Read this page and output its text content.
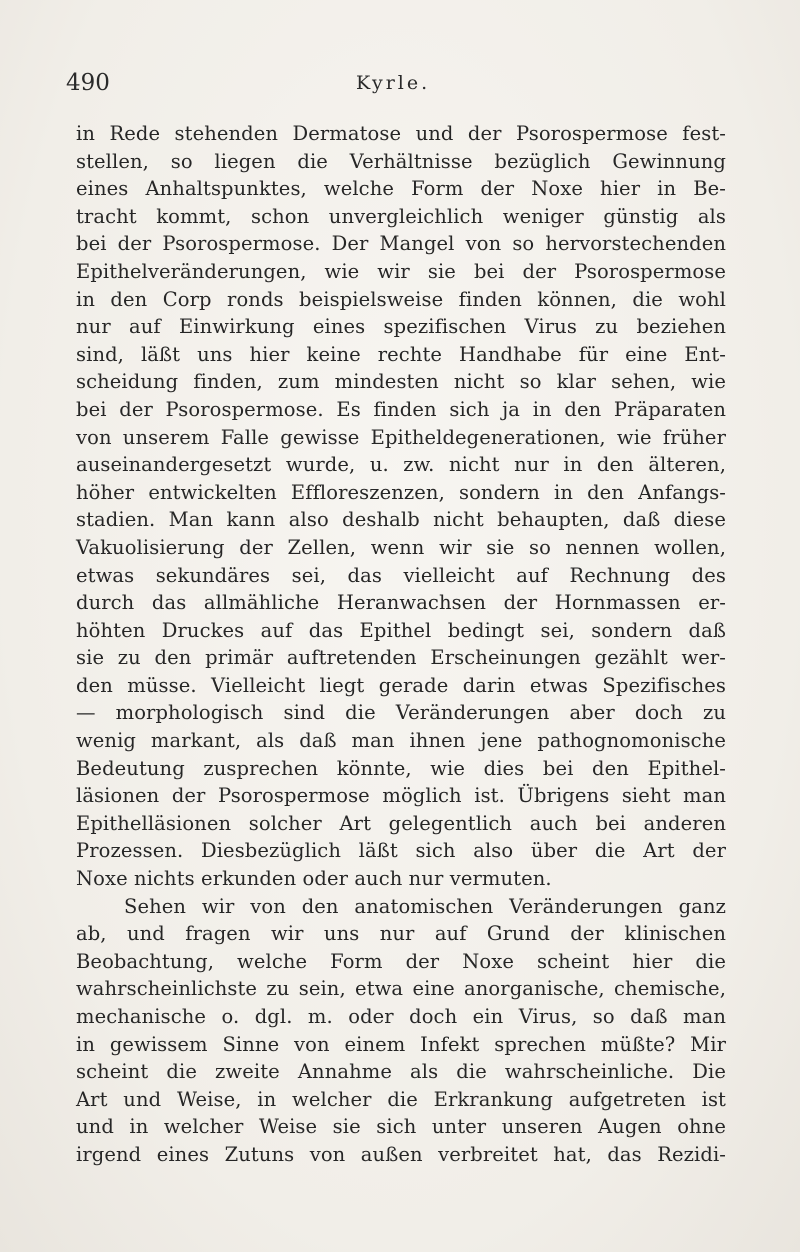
490	Kyrle.
in Rede stehenden Dermatose und der Psorospermose fest-
stellen, so liegen die Verhältnisse bezüglich Gewinnung
eines Anhaltspunktes, welche Form der Noxe hier in Be-
tracht kommt, schon unvergleichlich weniger günstig als
bei der Psorospermose. Der Mangel von so hervorstechenden
Epithelveränderungen, wie wir sie bei der Psorospermose
in den Corp ronds beispielsweise finden können, die wohl
nur auf Einwirkung eines spezifischen Virus zu beziehen
sind, läßt uns hier keine rechte Handhabe für eine Ent-
scheidung finden, zum mindesten nicht so klar sehen, wie
bei der Psorospermose. Es finden sich ja in den Präparaten
von unserem Falle gewisse Epitheldegenerationen, wie früher
auseinandergesetzt wurde, u. zw. nicht nur in den älteren,
höher entwickelten Effloreszenzen, sondern in den Anfangs-
stadien. Man kann also deshalb nicht behaupten, daß diese
Vakuolisierung der Zellen, wenn wir sie so nennen wollen,
etwas sekundäres sei, das vielleicht auf Rechnung des
durch das allmähliche Heranwachsen der Hornmassen er-
höhten Druckes auf das Epithel bedingt sei, sondern daß
sie zu den primär auftretenden Erscheinungen gezählt wer-
den müsse. Vielleicht liegt gerade darin etwas Spezifisches
— morphologisch sind die Veränderungen aber doch zu
wenig markant, als daß man ihnen jene pathognomonische
Bedeutung zusprechen könnte, wie dies bei den Epithel-
läsionen der Psorospermose möglich ist. Übrigens sieht man
Epithelläsionen solcher Art gelegentlich auch bei anderen
Prozessen. Diesbezüglich läßt sich also über die Art der
Noxe nichts erkunden oder auch nur vermuten.
Sehen wir von den anatomischen Veränderungen ganz
ab, und fragen wir uns nur auf Grund der klinischen
Beobachtung, welche Form der Noxe scheint hier die
wahrscheinlichste zu sein, etwa eine anorganische, chemische,
mechanische o. dgl. m. oder doch ein Virus, so daß man
in gewissem Sinne von einem Infekt sprechen müßte? Mir
scheint die zweite Annahme als die wahrscheinliche. Die
Art und Weise, in welcher die Erkrankung aufgetreten ist
und in welcher Weise sie sich unter unseren Augen ohne
irgend eines Zutuns von außen verbreitet hat, das Rezidi-
